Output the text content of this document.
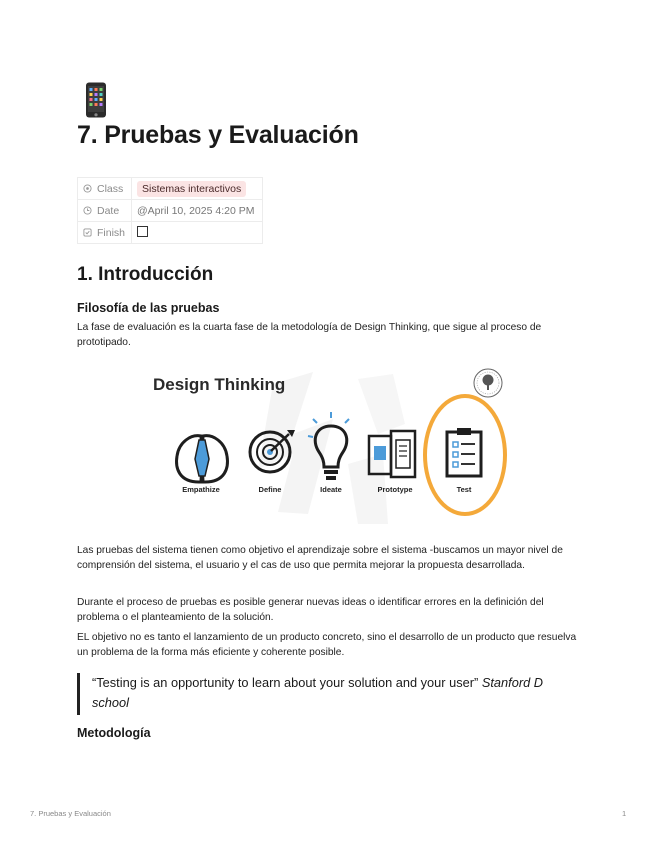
7. Pruebas y Evaluación
Class	Sistemas interactivos
Date	@April 10, 2025 4:20 PM
Finish	
1. Introducción
Filosofía de las pruebas

La fase de evaluación es la cuarta fase de la metodología de Design Thinking, que sigue al proceso de prototipado.

Design Thinking
Empathize	Define	Ideate	Prototype	Test

Las pruebas del sistema tienen como objetivo el aprendizaje sobre el sistema -buscamos un mayor nivel de comprensión del sistema, el usuario y el cas de uso que permita mejorar la propuesta desarrollada.

Durante el proceso de pruebas es posible generar nuevas ideas o identificar errores en la definición del problema o el planteamiento de la solución.

EL objetivo no es tanto el lanzamiento de un producto concreto, sino el desarrollo de un producto que resuelva un problema de la forma más eficiente y coherente posible.

“Testing is an opportunity to learn about your solution and your user” Stanford D school
Metodología
7. Pruebas y Evaluación	1
